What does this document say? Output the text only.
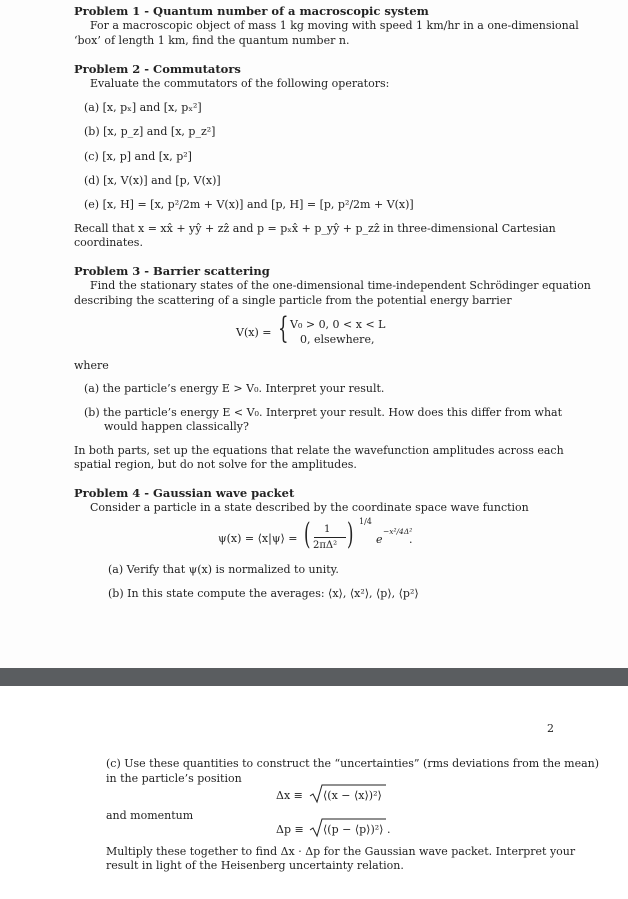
Problem 1 - Quantum number of a macroscopic system
For a macroscopic object of mass 1 kg moving with speed 1 km/hr in a one-dimensional
‘box’ of length 1 km, find the quantum number n.
Problem 2 - Commutators
Evaluate the commutators of the following operators:
(a) [x, pₓ] and [x, pₓ²]
(b) [x, p_z] and [x, p_z²]
(c) [x, p] and [x, p²]
(d) [x, V(x)] and [p, V(x)]
(e) [x, H] = [x, p²/2m + V(x)] and [p, H] = [p, p²/2m + V(x)]
Recall that x = xx̂ + yŷ + zẑ and p = pₓx̂ + p_yŷ + p_zẑ in three-dimensional Cartesian
coordinates.
Problem 3 - Barrier scattering
Find the stationary states of the one-dimensional time-independent Schrödinger equation
describing the scattering of a single particle from the potential energy barrier
V(x) = { V₀ > 0, 0 < x < L
0, elsewhere,
where
(a) the particle’s energy E > V₀. Interpret your result.
(b) the particle’s energy E < V₀. Interpret your result. How does this differ from what
would happen classically?
In both parts, set up the equations that relate the wavefunction amplitudes across each
spatial region, but do not solve for the amplitudes.
Problem 4 - Gaussian wave packet
Consider a particle in a state described by the coordinate space wave function
ψ(x) = ⟨x|ψ⟩ = ( 1
2πΔ² ) 1/4
e
−x²/4Δ²
.
(a) Verify that ψ(x) is normalized to unity.
(b) In this state compute the averages: ⟨x⟩, ⟨x²⟩, ⟨p⟩, ⟨p²⟩
2
(c) Use these quantities to construct the “uncertainties” (rms deviations from the mean)
in the particle’s position
Δx ≡ ⟨(x − ⟨x⟩)²⟩
and momentum
Δp ≡ ⟨(p − ⟨p⟩)²⟩ .
Multiply these together to find Δx · Δp for the Gaussian wave packet. Interpret your
result in light of the Heisenberg uncertainty relation.
